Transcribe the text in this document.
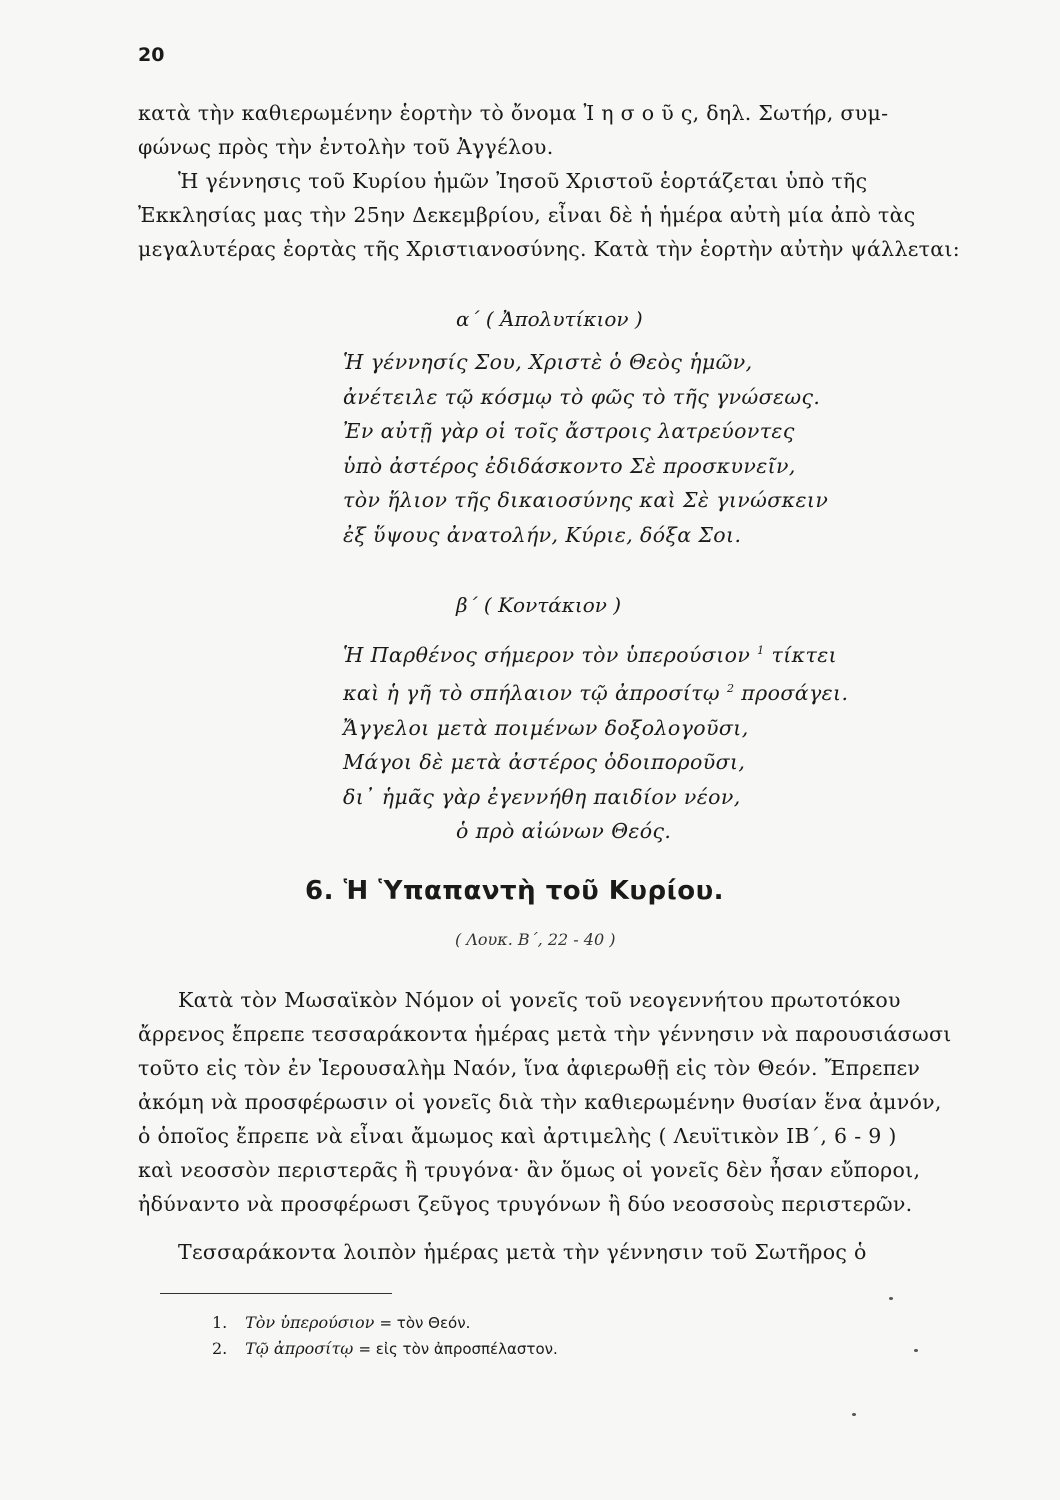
20
κατὰ τὴν καθιερωμένην ἑορτὴν τὸ ὄνομα Ἰ η σ ο ῦ ς, δηλ. Σωτήρ, συμ-
φώνως πρὸς τὴν ἐντολὴν τοῦ Ἀγγέλου.
Ἡ γέννησις τοῦ Κυρίου ἡμῶν Ἰησοῦ Χριστοῦ ἑορτάζεται ὑπὸ τῆς
Ἐκκλησίας μας τὴν 25ην Δεκεμβρίου, εἶναι δὲ ἡ ἡμέρα αὐτὴ μία ἀπὸ τὰς
μεγαλυτέρας ἑορτὰς τῆς Χριστιανοσύνης. Κατὰ τὴν ἑορτὴν αὐτὴν ψάλλεται:
α΄ ( Ἀπολυτίκιον )
Ἡ γέννησίς Σου, Χριστὲ ὁ Θεὸς ἡμῶν,
ἀνέτειλε τῷ κόσμῳ τὸ φῶς τὸ τῆς γνώσεως.
Ἐν αὐτῇ γὰρ οἱ τοῖς ἄστροις λατρεύοντες
ὑπὸ ἀστέρος ἐδιδάσκοντο Σὲ προσκυνεῖν,
τὸν ἥλιον τῆς δικαιοσύνης καὶ Σὲ γινώσκειν
ἐξ ὕψους ἀνατολήν, Κύριε, δόξα Σοι.
β΄ ( Κοντάκιον )
Ἡ Παρθένος σήμερον τὸν ὑπερούσιον $^1$ τίκτει
καὶ ἡ γῆ τὸ σπήλαιον τῷ ἀπροσίτῳ $^2$ προσάγει.
Ἄγγελοι μετὰ ποιμένων δοξολογοῦσι,
Μάγοι δὲ μετὰ ἀστέρος ὁδοιποροῦσι,
δι᾽ ἡμᾶς γὰρ ἐγεννήθη παιδίον νέον,
ὁ πρὸ αἰώνων Θεός.
6. Ἡ Ὑπαπαντὴ τοῦ Κυρίου.
( Λουκ. Β΄, 22 - 40 )
Κατὰ τὸν Μωσαϊκὸν Νόμον οἱ γονεῖς τοῦ νεογεννήτου πρωτοτόκου
ἄρρενος ἔπρεπε τεσσαράκοντα ἡμέρας μετὰ τὴν γέννησιν νὰ παρουσιάσωσι
τοῦτο εἰς τὸν ἐν Ἱερουσαλὴμ Ναόν, ἵνα ἀφιερωθῇ εἰς τὸν Θεόν. Ἔπρεπεν
ἀκόμη νὰ προσφέρωσιν οἱ γονεῖς διὰ τὴν καθιερωμένην θυσίαν ἕνα ἀμνόν,
ὁ ὁποῖος ἔπρεπε νὰ εἶναι ἄμωμος καὶ ἀρτιμελὴς ( Λευϊτικὸν ΙΒ΄, 6 - 9 )
καὶ νεοσσὸν περιστερᾶς ἢ τρυγόνα· ἂν ὅμως οἱ γονεῖς δὲν ἦσαν εὔποροι,
ἠδύναντο νὰ προσφέρωσι ζεῦγος τρυγόνων ἢ δύο νεοσσοὺς περιστερῶν.
Τεσσαράκοντα λοιπὸν ἡμέρας μετὰ τὴν γέννησιν τοῦ Σωτῆρος ὁ
1. Τὸν ὑπερούσιον = τὸν Θεόν.
2. Τῷ ἀπροσίτῳ = εἰς τὸν ἀπροσπέλαστον.
